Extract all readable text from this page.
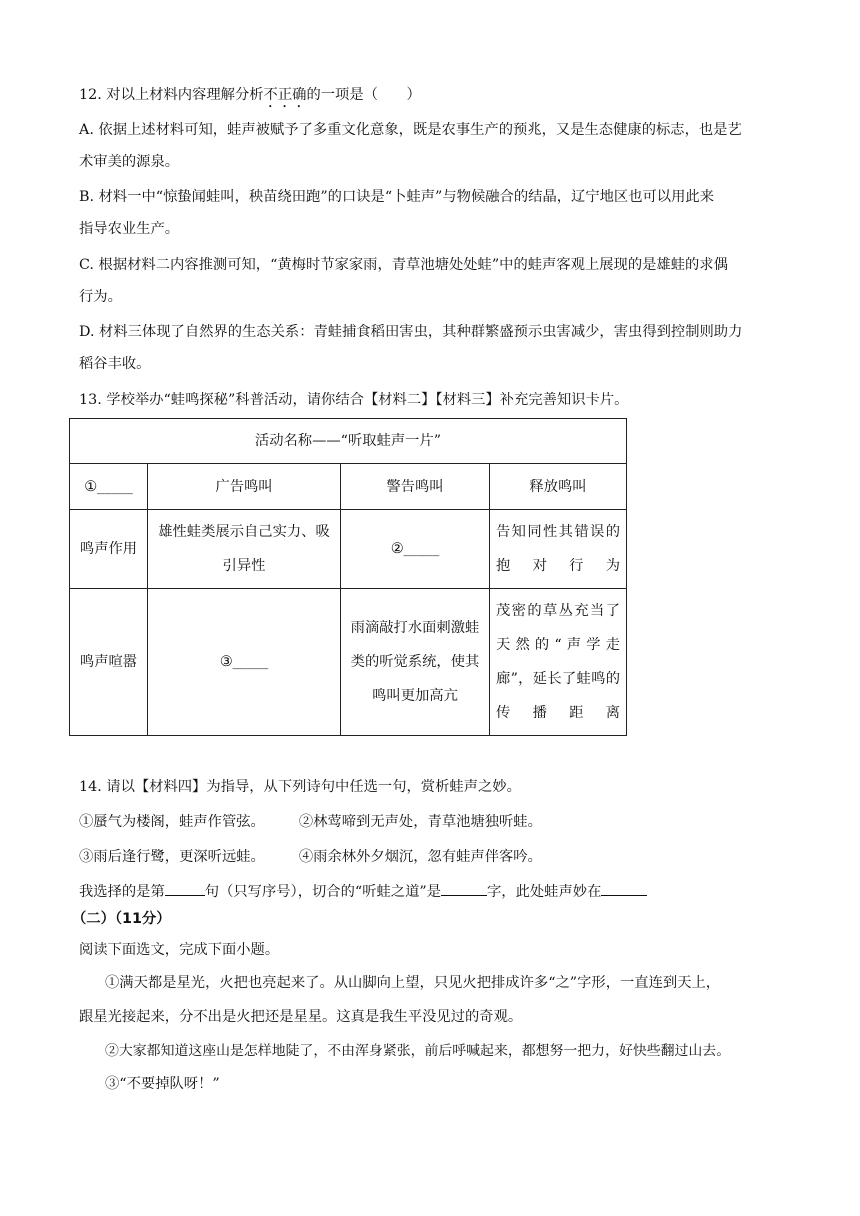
12. 对以上材料内容理解分析不正确的一项是（　　）
A. 依据上述材料可知，蛙声被赋予了多重文化意象，既是农事生产的预兆，又是生态健康的标志，也是艺
术审美的源泉。
B. 材料一中“惊蛰闻蛙叫，秧苗绕田跑”的口诀是“卜蛙声”与物候融合的结晶，辽宁地区也可以用此来
指导农业生产。
C. 根据材料二内容推测可知，“黄梅时节家家雨，青草池塘处处蛙”中的蛙声客观上展现的是雄蛙的求偶
行为。
D. 材料三体现了自然界的生态关系：青蛙捕食稻田害虫，其种群繁盛预示虫害减少，害虫得到控制则助力
稻谷丰收。
13. 学校举办“蛙鸣探秘”科普活动，请你结合【材料二】【材料三】补充完善知识卡片。
活动名称——“听取蛙声一片”			
①_____	广告鸣叫	警告鸣叫	释放鸣叫
鸣声作用	雄性蛙类展示自己实力、吸引异性	②_____	告知同性其错误的抱对行为
鸣声喧嚣	③_____	雨滴敲打水面刺激蛙类的听觉系统，使其鸣叫更加高亢	茂密的草丛充当了天然的“声学走廊”，延长了蛙鸣的传播距离
14. 请以【材料四】为指导，从下列诗句中任选一句，赏析蛙声之妙。
①蜃气为楼阁，蛙声作管弦。 ②林莺啼到无声处，青草池塘独听蛙。
③雨后逢行鹭，更深听远蛙。 ④雨余林外夕烟沉，忽有蛙声伴客吟。
我选择的是第	句（只写序号），切合的“听蛙之道”是	字，此处蛙声妙在
（二）（11分）
阅读下面选文，完成下面小题。
①满天都是星光，火把也亮起来了。从山脚向上望，只见火把排成许多“之”字形，一直连到天上，
跟星光接起来，分不出是火把还是星星。这真是我生平没见过的奇观。
②大家都知道这座山是怎样地陡了，不由浑身紧张，前后呼喊起来，都想努一把力，好快些翻过山去。
③“不要掉队呀！”
